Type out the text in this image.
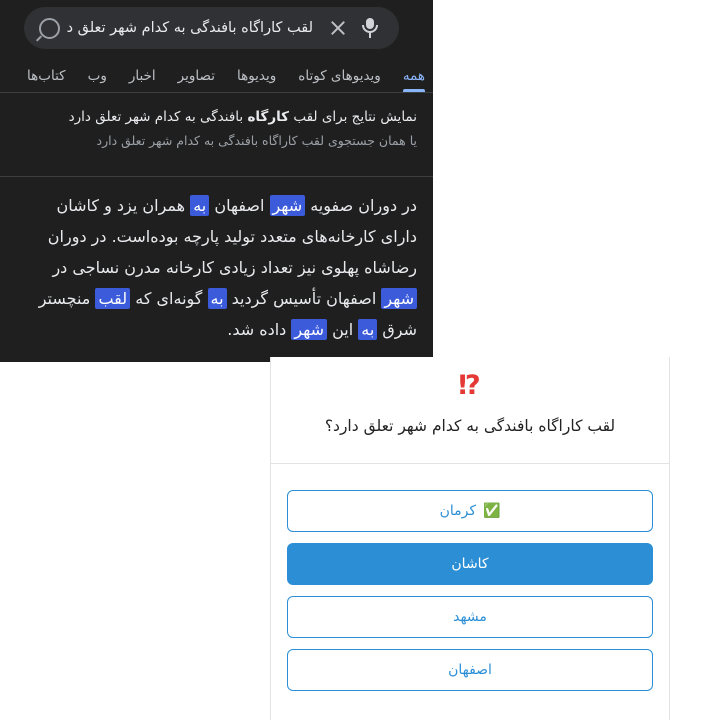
لقب کاراگاه بافندگی به کدام شهر تعلق د
همه
ویدیوهای کوتاه
ویدیوها
تصاویر
اخبار
وب
کتاب‌ها
نمایش نتایج برای لقب کارگاه بافندگی به کدام شهر تعلق دارد
یا همان جستجوی لقب کاراگاه بافندگی به کدام شهر تعلق دارد
در دوران صفویه شهر اصفهان به همران یزد و کاشان دارای کارخانه‌های متعدد تولید پارچه بوده‌است. در دوران رضاشاه پهلوی نیز تعداد زیادی کارخانه مدرن نساجی در شهر اصفهان تأسیس گردید به گونه‌ای که لقب منچستر شرق به این شهر داده شد.
⁉
لقب کاراگاه بافندگی به کدام شهر تعلق دارد؟
✅
کرمان
کاشان
مشهد
اصفهان
